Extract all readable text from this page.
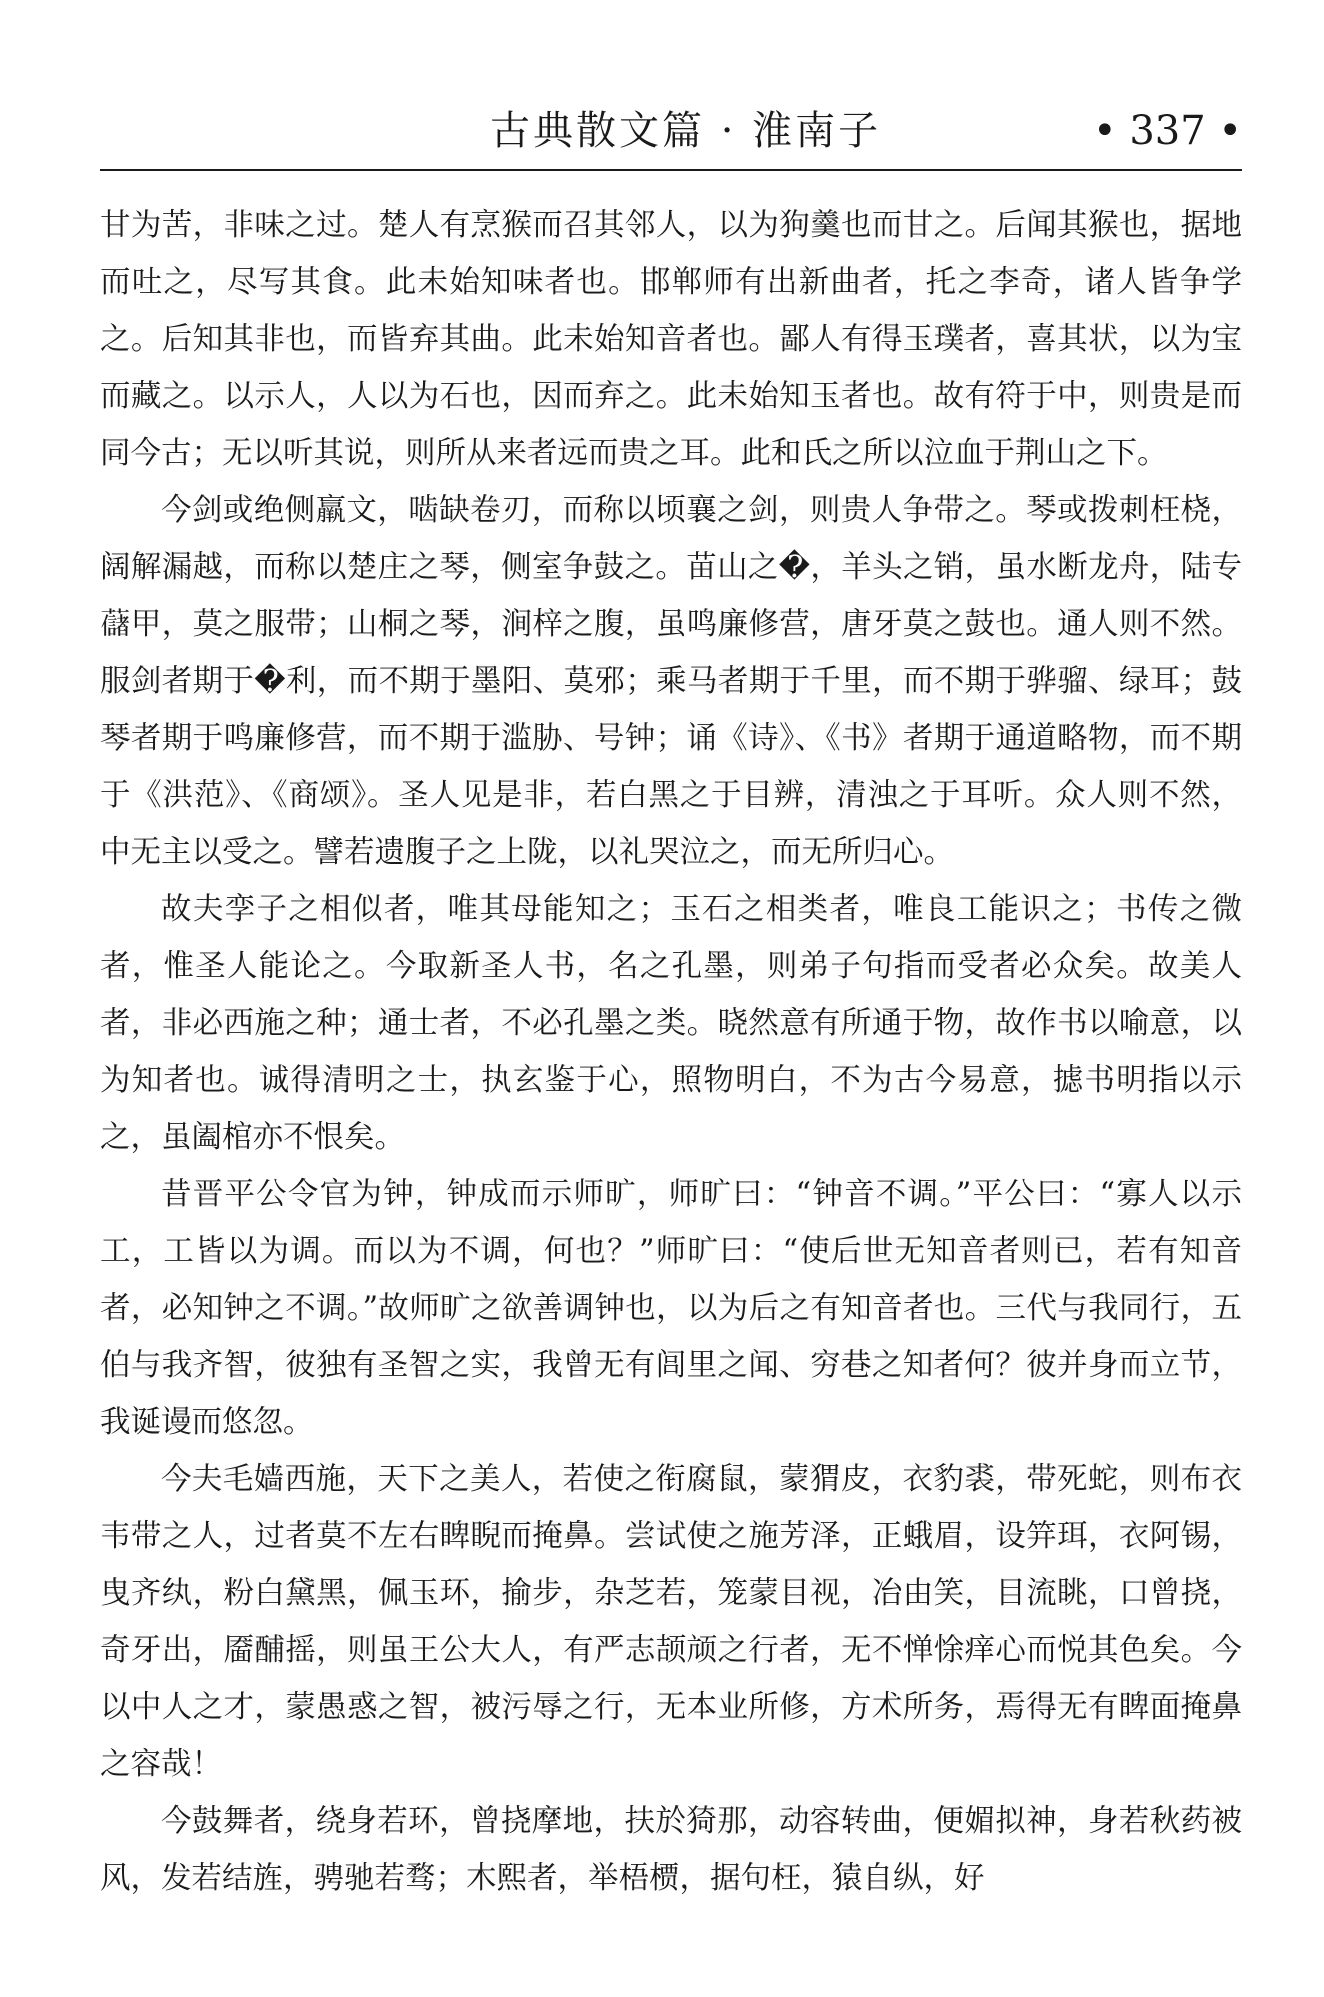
古典散文篇 · 淮南子	• 337 •

甘为苦，非味之过。楚人有烹猴而召其邻人，以为狗羹也而甘之。后闻其猴也，据地而吐之，尽写其食。此未始知味者也。邯郸师有出新曲者，托之李奇，诸人皆争学之。后知其非也，而皆弃其曲。此未始知音者也。鄙人有得玉璞者，喜其状，以为宝而藏之。以示人，人以为石也，因而弃之。此未始知玉者也。故有符于中，则贵是而同今古；无以听其说，则所从来者远而贵之耳。此和氏之所以泣血于荆山之下。

今剑或绝侧羸文，啮缺卷刃，而称以顷襄之剑，则贵人争带之。琴或拨刺枉桡，阔解漏越，而称以楚庄之琴，侧室争鼓之。苗山之�，羊头之销，虽水断龙舟，陆专𧄔甲，莫之服带；山桐之琴，涧梓之腹，虽鸣廉修营，唐牙莫之鼓也。通人则不然。服剑者期于�利，而不期于墨阳、莫邪；乘马者期于千里，而不期于骅骝、绿耳；鼓琴者期于鸣廉修营，而不期于滥胁、号钟；诵《诗》、《书》者期于通道略物，而不期于《洪范》、《商颂》。圣人见是非，若白黑之于目辨，清浊之于耳听。众人则不然，中无主以受之。譬若遗腹子之上陇，以礼哭泣之，而无所归心。

故夫孪子之相似者，唯其母能知之；玉石之相类者，唯良工能识之；书传之微者，惟圣人能论之。今取新圣人书，名之孔墨，则弟子句指而受者必众矣。故美人者，非必西施之种；通士者，不必孔墨之类。晓然意有所通于物，故作书以喻意，以为知者也。诚得清明之士，执玄鉴于心，照物明白，不为古今易意，摅书明指以示之，虽阖棺亦不恨矣。

昔晋平公令官为钟，钟成而示师旷，师旷曰：“钟音不调。”平公曰：“寡人以示工，工皆以为调。而以为不调，何也？”师旷曰：“使后世无知音者则已，若有知音者，必知钟之不调。”故师旷之欲善调钟也，以为后之有知音者也。三代与我同行，五伯与我齐智，彼独有圣智之实，我曾无有闾里之闻、穷巷之知者何？彼并身而立节，我诞谩而悠忽。

今夫毛嫱西施，天下之美人，若使之衔腐鼠，蒙猬皮，衣豹裘，带死蛇，则布衣韦带之人，过者莫不左右睥睨而掩鼻。尝试使之施芳泽，正蛾眉，设笄珥，衣阿锡，曳齐纨，粉白黛黑，佩玉环，揄步，杂芝若，笼蒙目视，冶由笑，目流眺，口曾挠，奇牙出，靥酺摇，则虽王公大人，有严志颉颃之行者，无不惮悇痒心而悦其色矣。今以中人之才，蒙愚惑之智，被污辱之行，无本业所修，方术所务，焉得无有睥面掩鼻之容哉！

今鼓舞者，绕身若环，曾挠摩地，扶於猗那，动容转曲，便媚拟神，身若秋药被风，发若结旌，骋驰若骛；木熙者，举梧槚，据句枉，猿自纵，好
